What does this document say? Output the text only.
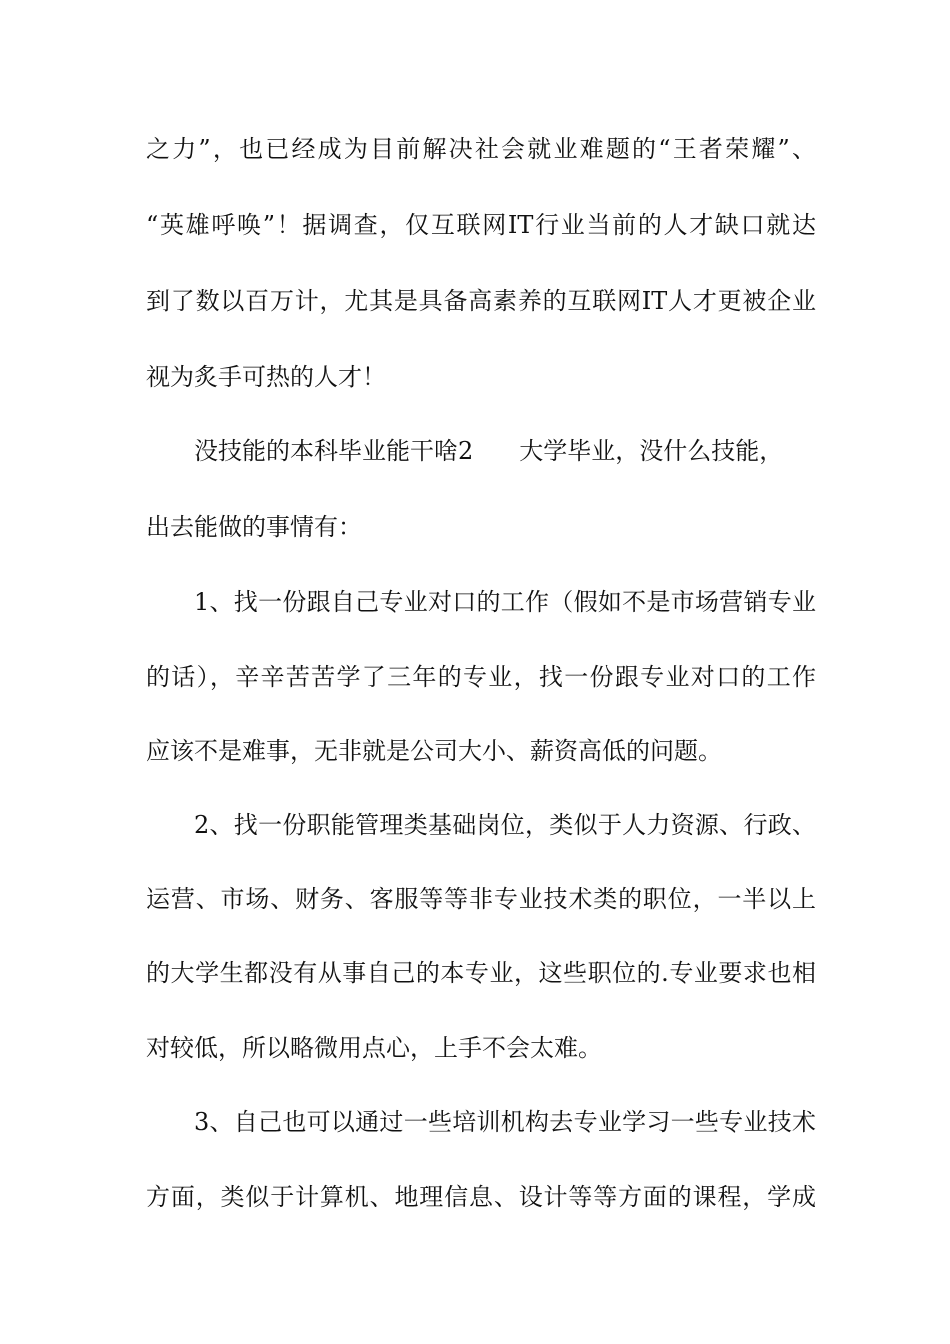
之力”，也已经成为目前解决社会就业难题的“王者荣耀”、
“英雄呼唤”！据调查，仅互联网IT行业当前的人才缺口就达
到了数以百万计，尤其是具备高素养的互联网IT人才更被企业
视为炙手可热的人才！
没技能的本科毕业能干啥2 大学毕业，没什么技能，
出去能做的事情有：
1、找一份跟自己专业对口的工作（假如不是市场营销专业
的话），辛辛苦苦学了三年的专业，找一份跟专业对口的工作
应该不是难事，无非就是公司大小、薪资高低的问题。
2、找一份职能管理类基础岗位，类似于人力资源、行政、
运营、市场、财务、客服等等非专业技术类的职位，一半以上
的大学生都没有从事自己的本专业，这些职位的.专业要求也相
对较低，所以略微用点心，上手不会太难。
3、自己也可以通过一些培训机构去专业学习一些专业技术
方面，类似于计算机、地理信息、设计等等方面的课程，学成
